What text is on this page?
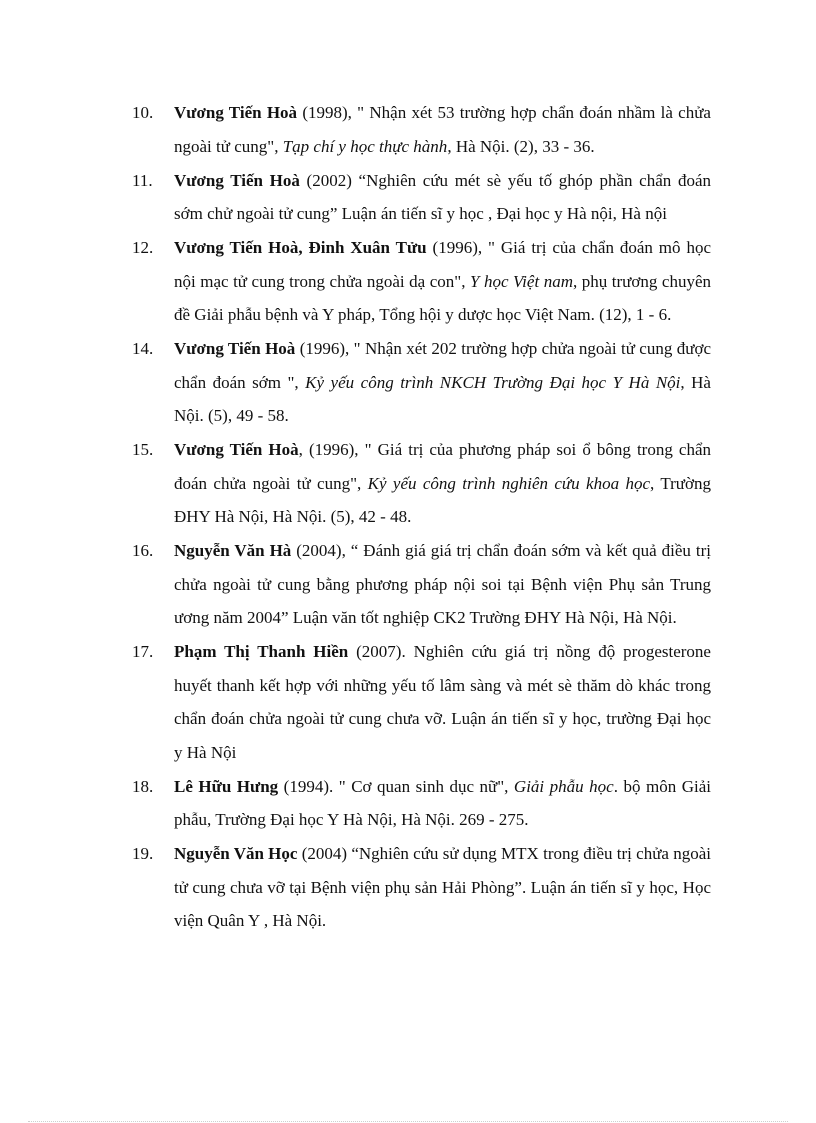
10.	Vương Tiến Hoà (1998), " Nhận xét 53 trường hợp chẩn đoán nhầm là chửa ngoài tử cung", Tạp chí y học thực hành, Hà Nội. (2), 33 - 36.
11.	Vương Tiến Hoà (2002) “Nghiên cứu mét sè yếu tố ghóp phần chẩn đoán sớm chử ngoài tử cung” Luận án tiến sĩ y học , Đại học y Hà nội, Hà nội
12.	Vương Tiến Hoà, Đinh Xuân Tửu (1996), " Giá trị của chẩn đoán mô học nội mạc tử cung trong chửa ngoài dạ con", Y học Việt nam, phụ trương chuyên đề Giải phẫu bệnh và Y pháp, Tổng hội y dược học Việt Nam. (12), 1 - 6.
14.	Vương Tiến Hoà (1996), " Nhận xét 202 trường hợp chửa ngoài tử cung được chẩn đoán sớm ", Kỷ yếu công trình NKCH Trường Đại học Y Hà Nội, Hà Nội. (5), 49 - 58.
15.	Vương Tiến Hoà, (1996), " Giá trị của phương pháp soi ổ bông trong chẩn đoán chửa ngoài tử cung", Kỷ yếu công trình nghiên cứu khoa học, Trường ĐHY Hà Nội, Hà Nội. (5), 42 - 48.
16.	Nguyễn Văn Hà (2004), “ Đánh giá giá trị chẩn đoán sớm và kết quả điều trị chửa ngoài tử cung bằng phương pháp nội soi tại Bệnh viện Phụ sản Trung ương năm 2004” Luận văn tốt nghiệp CK2 Trường ĐHY Hà Nội, Hà Nội.
17.	Phạm Thị Thanh Hiền (2007). Nghiên cứu giá trị nồng độ progesterone huyết thanh kết hợp với những yếu tố lâm sàng và mét sè thăm dò khác trong chẩn đoán chửa ngoài tử cung chưa vỡ. Luận án tiến sĩ y học, trường Đại học y Hà Nội
18.	Lê Hữu Hưng (1994). " Cơ quan sinh dục nữ", Giải phẫu học. bộ môn Giải phẫu, Trường Đại học Y Hà Nội, Hà Nội. 269 - 275.
19.	Nguyễn Văn Học (2004) “Nghiên cứu sử dụng MTX trong điều trị chửa ngoài tử cung chưa vỡ tại Bệnh viện phụ sản Hải Phòng”. Luận án tiến sĩ y học, Học viện Quân Y , Hà Nội.
